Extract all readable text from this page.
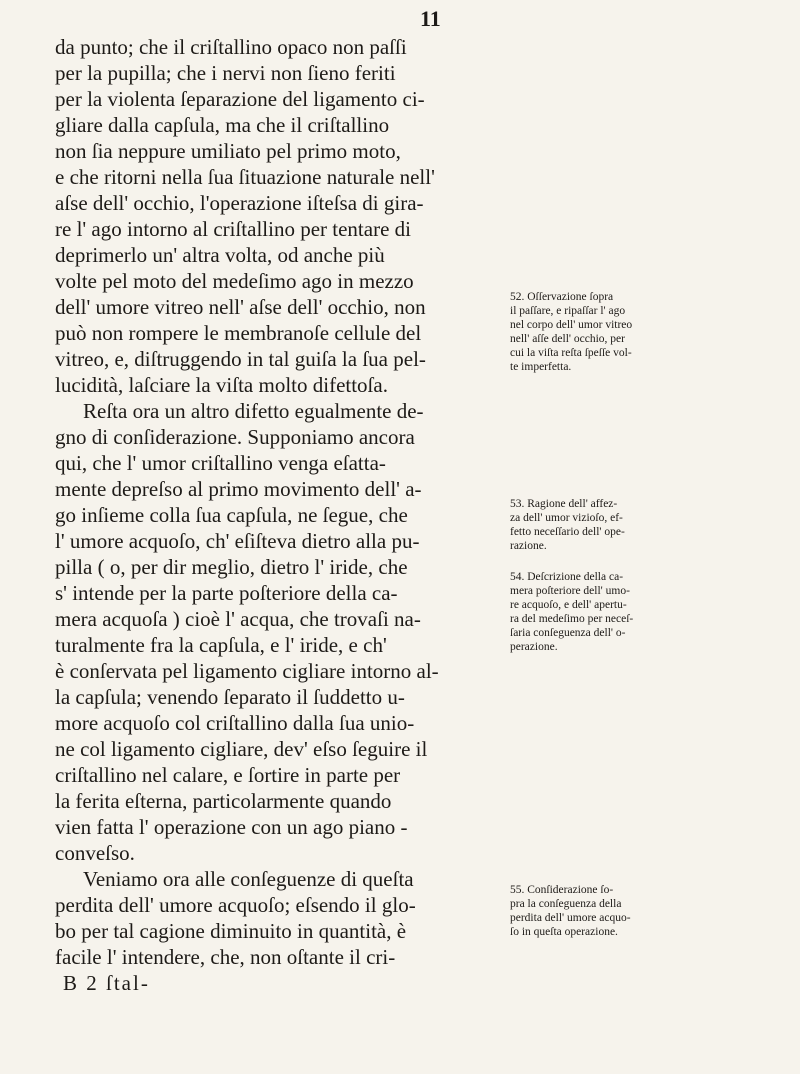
11
da punto; che il criſtallino opaco non paſſi
per la pupilla; che i nervi non ſieno feriti
per la violenta ſeparazione del ligamento ci-
gliare dalla capſula, ma che il criſtallino
non ſia neppure umiliato pel primo moto,
e che ritorni nella ſua ſituazione naturale nell'
aſse dell' occhio, l'operazione iſteſsa di gira-
re l' ago intorno al criſtallino per tentare di
deprimerlo un' altra volta, od anche più
volte pel moto del medeſimo ago in mezzo
dell' umore vitreo nell' aſse dell' occhio, non
può non rompere le membranoſe cellule del
vitreo, e, diſtruggendo in tal guiſa la ſua pel-
lucidità, laſciare la viſta molto difettoſa.
Reſta ora un altro difetto egualmente de-
gno di conſiderazione. Supponiamo ancora
qui, che l' umor criſtallino venga eſatta-
mente depreſso al primo movimento dell' a-
go inſieme colla ſua capſula, ne ſegue, che
l' umore acquoſo, ch' eſiſteva dietro alla pu-
pilla ( o, per dir meglio, dietro l' iride, che
s' intende per la parte poſteriore della ca-
mera acquoſa ) cioè l' acqua, che trovaſi na-
turalmente fra la capſula, e l' iride, e ch'
è conſervata pel ligamento cigliare intorno al-
la capſula; venendo ſeparato il ſuddetto u-
more acquoſo col criſtallino dalla ſua unio-
ne col ligamento cigliare, dev' eſso ſeguire il
criſtallino nel calare, e ſortire in parte per
la ferita eſterna, particolarmente quando
vien fatta l' operazione con un ago piano -
conveſso.
Veniamo ora alle conſeguenze di queſta
perdita dell' umore acquoſo; eſsendo il glo-
bo per tal cagione diminuito in quantità, è
facile l' intendere, che, non oſtante il cri-
B 2 ſtal-
52. Oſſervazione ſopra
il paſſare, e ripaſſar l' ago
nel corpo dell' umor vitreo
nell' aſſe dell' occhio, per
cui la viſta reſta ſpeſſe vol-
te imperfetta.
53. Ragione dell' affez-
za dell' umor vizioſo, ef-
fetto neceſſario dell' ope-
razione.
54. Deſcrizione della ca-
mera poſteriore dell' umo-
re acquoſo, e dell' apertu-
ra del medeſimo per neceſ-
ſaria conſeguenza dell' o-
perazione.
55. Conſiderazione ſo-
pra la conſeguenza della
perdita dell' umore acquo-
ſo in queſta operazione.
